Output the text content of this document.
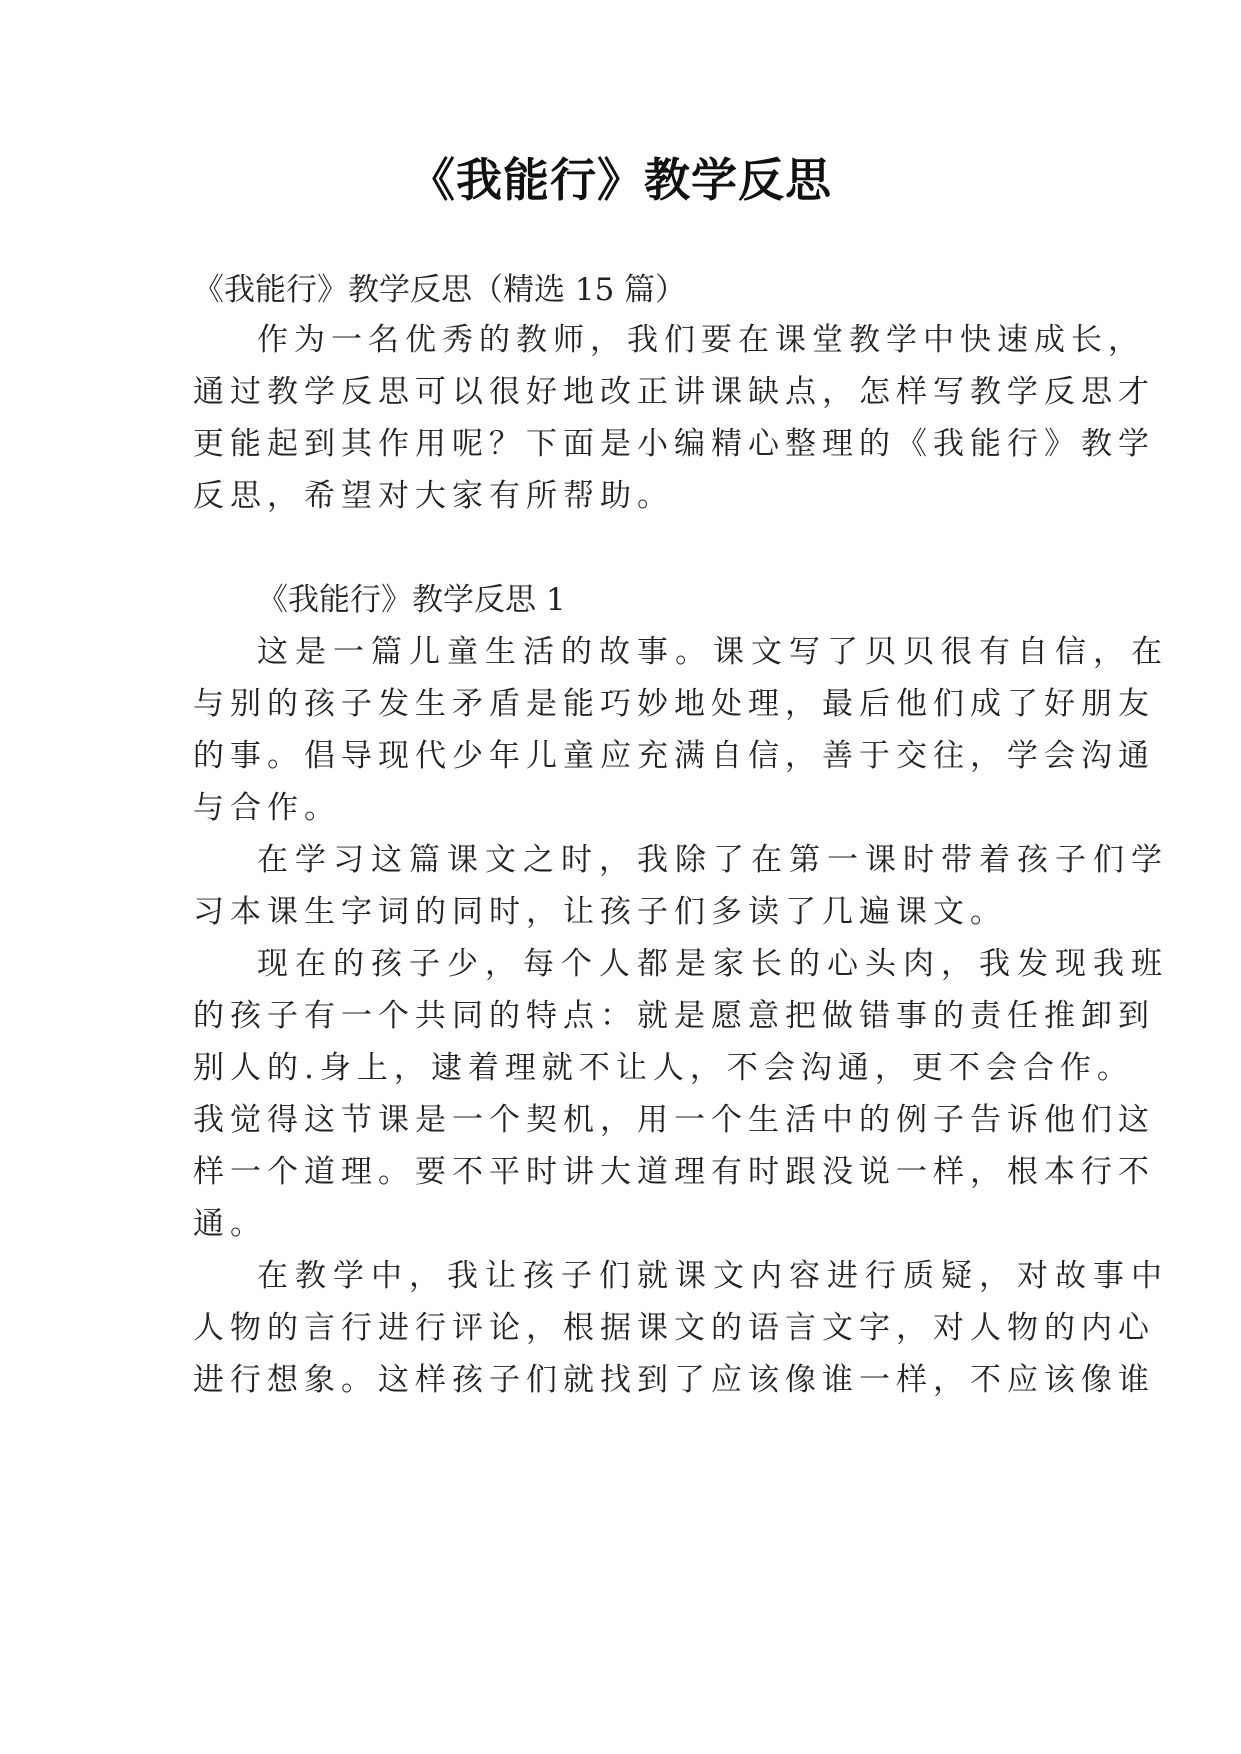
《我能行》教学反思

《我能行》教学反思（精选 15 篇）

作为一名优秀的教师，我们要在课堂教学中快速成长，

通过教学反思可以很好地改正讲课缺点，怎样写教学反思才

更能起到其作用呢？下面是小编精心整理的《我能行》教学

反思，希望对大家有所帮助。

《我能行》教学反思 1

这是一篇儿童生活的故事。课文写了贝贝很有自信，在

与别的孩子发生矛盾是能巧妙地处理，最后他们成了好朋友

的事。倡导现代少年儿童应充满自信，善于交往，学会沟通

与合作。

在学习这篇课文之时，我除了在第一课时带着孩子们学

习本课生字词的同时，让孩子们多读了几遍课文。

现在的孩子少，每个人都是家长的心头肉，我发现我班

的孩子有一个共同的特点：就是愿意把做错事的责任推卸到

别人的.身上，逮着理就不让人，不会沟通，更不会合作。

我觉得这节课是一个契机，用一个生活中的例子告诉他们这

样一个道理。要不平时讲大道理有时跟没说一样，根本行不

通。

在教学中，我让孩子们就课文内容进行质疑，对故事中

人物的言行进行评论，根据课文的语言文字，对人物的内心

进行想象。这样孩子们就找到了应该像谁一样，不应该像谁
